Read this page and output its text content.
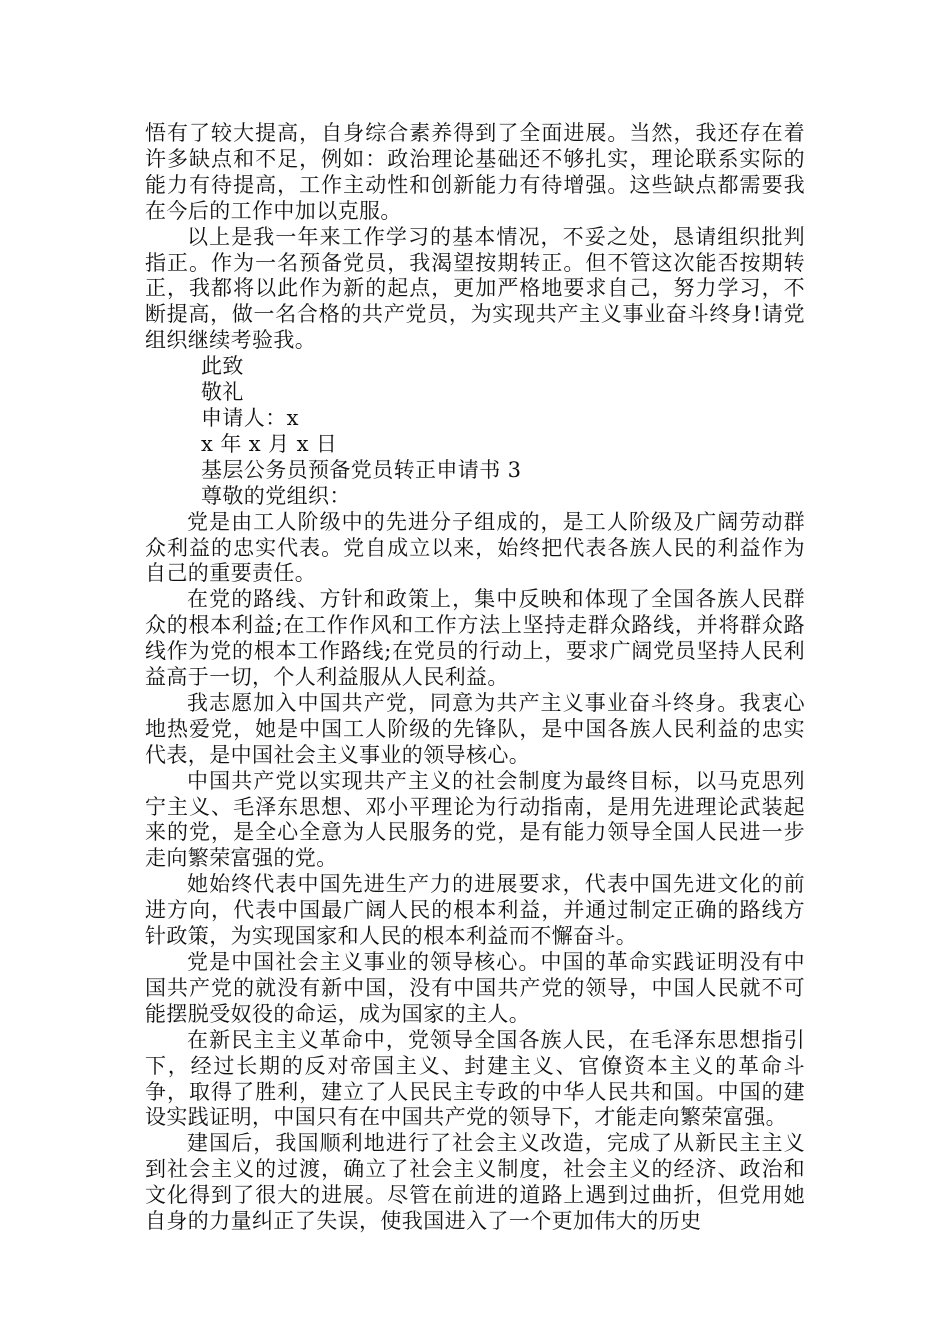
悟有了较大提高，自身综合素养得到了全面进展。当然，我还存在着许多缺点和不足，例如：政治理论基础还不够扎实，理论联系实际的能力有待提高，工作主动性和创新能力有待增强。这些缺点都需要我在今后的工作中加以克服。

以上是我一年来工作学习的基本情况，不妥之处，恳请组织批判指正。作为一名预备党员，我渴望按期转正。但不管这次能否按期转正，我都将以此作为新的起点，更加严格地要求自己，努力学习，不断提高，做一名合格的共产党员，为实现共产主义事业奋斗终身!请党组织继续考验我。

此致

敬礼

申请人：x

x 年 x 月 x 日

基层公务员预备党员转正申请书 3

尊敬的党组织：

党是由工人阶级中的先进分子组成的，是工人阶级及广阔劳动群众利益的忠实代表。党自成立以来，始终把代表各族人民的利益作为自己的重要责任。

在党的路线、方针和政策上，集中反映和体现了全国各族人民群众的根本利益;在工作作风和工作方法上坚持走群众路线，并将群众路线作为党的根本工作路线;在党员的行动上，要求广阔党员坚持人民利益高于一切，个人利益服从人民利益。

我志愿加入中国共产党，同意为共产主义事业奋斗终身。我衷心地热爱党，她是中国工人阶级的先锋队，是中国各族人民利益的忠实代表，是中国社会主义事业的领导核心。

中国共产党以实现共产主义的社会制度为最终目标，以马克思列宁主义、毛泽东思想、邓小平理论为行动指南，是用先进理论武装起来的党，是全心全意为人民服务的党，是有能力领导全国人民进一步走向繁荣富强的党。

她始终代表中国先进生产力的进展要求，代表中国先进文化的前进方向，代表中国最广阔人民的根本利益，并通过制定正确的路线方针政策，为实现国家和人民的根本利益而不懈奋斗。

党是中国社会主义事业的领导核心。中国的革命实践证明没有中国共产党的就没有新中国，没有中国共产党的领导，中国人民就不可能摆脱受奴役的命运，成为国家的主人。

在新民主主义革命中，党领导全国各族人民，在毛泽东思想指引下，经过长期的反对帝国主义、封建主义、官僚资本主义的革命斗争，取得了胜利，建立了人民民主专政的中华人民共和国。中国的建设实践证明，中国只有在中国共产党的领导下，才能走向繁荣富强。

建国后，我国顺利地进行了社会主义改造，完成了从新民主主义到社会主义的过渡，确立了社会主义制度，社会主义的经济、政治和文化得到了很大的进展。尽管在前进的道路上遇到过曲折，但党用她自身的力量纠正了失误，使我国进入了一个更加伟大的历史
